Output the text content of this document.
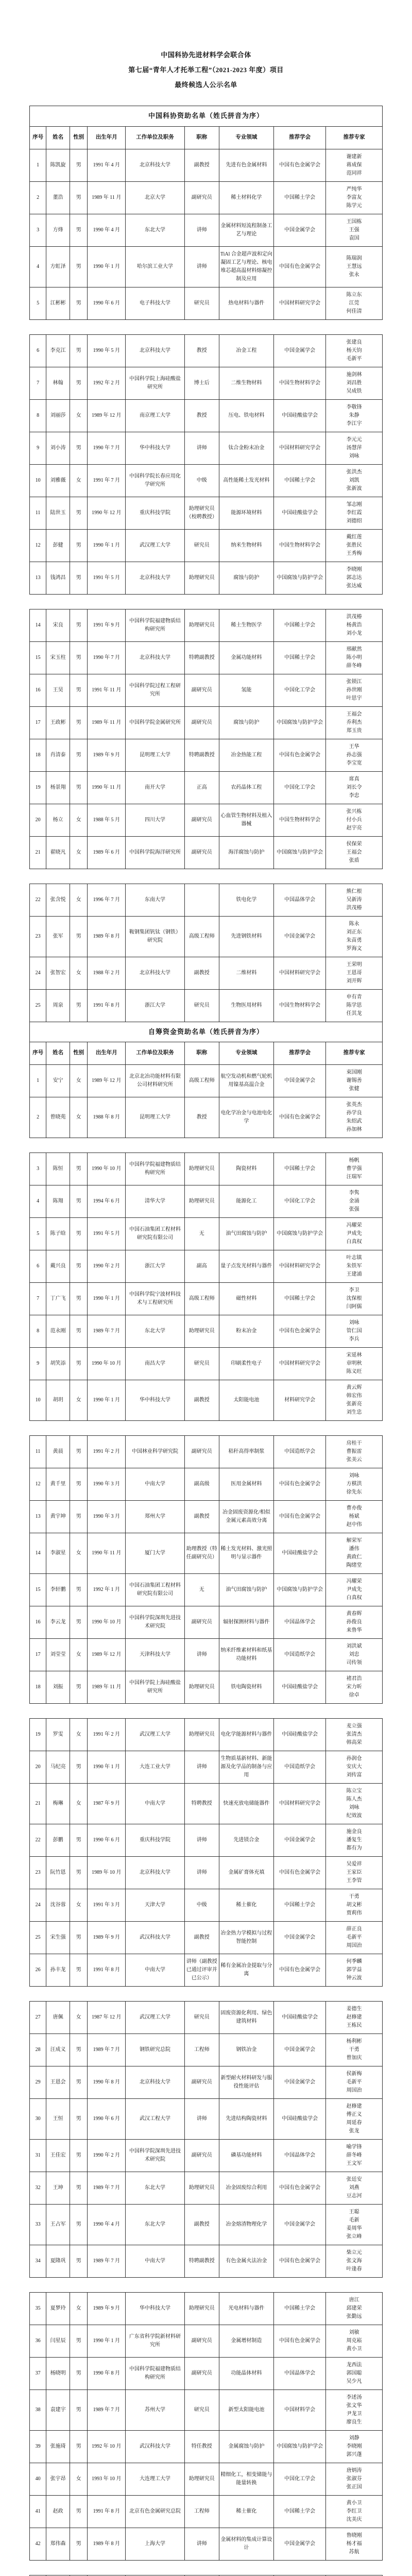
中国科协先进材料学会联合体
第七届“青年人才托举工程”（2021-2023 年度）项目
最终候选人公示名单
中国科协资助名单（姓氏拼音为序）								
序号	姓名	性别	出生年月	工作单位及职务	职称	专业领域	推荐学会	推荐专家
1	陈凯旋	男	1991 年 4 月	北京科技大学	副教授	先进有色金属材料	中国有色金属学会	谢建新
蒋成保
范同祥

2	董浩	男	1989 年 11 月	北京大学	副研究员	稀土材料化学	中国稀土学会	严纯华
李富友
陈学元

3	方烽	男	1990 年 4 月	东北大学	讲师	金属材料短流程制备工艺与理论	中国金属学会	王国栋
王强
袁国

4	方虹泽	男	1990 年 1 月	哈尔滨工业大学	讲师	TiAl 合金超声波和定向凝固工艺与理论、核电堆芯超高温材料熔凝控制及应用	中国有色金属学会	陈瑞润
王慧远
张永

5	江彬彬	男	1990 年 6 月	电子科技大学	研究员	热电材料与器件	中国材料研究学会	陈立东
江莞
何佳清
6	李克江	男	1990 年 5 月	北京科技大学	教授	冶金工程	中国金属学会	张建良
杨天钧
毛新平

7	林翰	男	1992 年 2 月	中国科学院上海硅酸盐研究所	博士后	二维生物材料	中国生物材料学会	施剑林
刘昌胜
吴成铁

8	刘丽莎	女	1989 年 12 月	南京理工大学	教授	压电、铁电材料	中国硅酸盐学会	李敬锋
朱静
李江宇

9	刘小涛	男	1990 年 7 月	华中科技大学	讲师	钛合金粉末冶金	中国材料研究学会	李元元
汤慧萍
刘咏

10	刘雅薇	女	1991 年 7 月	中国科学院长春应用化学研究所	中级	高性能稀土发光材料	中国稀土学会	张洪杰
刘凯
张新波

11	陆世玉	男	1990 年 12 月	重庆科技学院	助理研究员（校聘教授）	能源环境材料	中国硅酸盐学会	邹志刚
李红霞
刘德绍

12	彭健	男	1990 年 1 月	武汉理工大学	研究员	纳米生物材料	中国生物材料学会	戴红莲
张胜民
王秀梅

13	钱鸿昌	男	1991 年 5 月	北京科技大学	助理研究员	腐蚀与防护	中国腐蚀与防护学会	李晓刚
郭志达
张达威
14	宋良	男	1991 年 9 月	中国科学院福建物质结构研究所	助理研究员	稀土生物医学	中国稀土学会	洪茂椿
杨黄浩
刘小龙

15	宋玉柱	男	1990 年 7 月	北京科技大学	特聘副教授	金属功能材料	中国稀土学会	邢献然
陈小明
薛冬峰

16	王昊	男	1991 年 11 月	中国科学院过程工程研究所	副研究员	氢能	中国化工学会	张锁江
孙世刚
叶思宇

17	王政彬	男	1989 年 11 月	中国科学院金属研究所	副研究员	腐蚀与防护	中国腐蚀与防护学会	王福会
乔利杰
郑玉贵

18	肖清泰	男	1989 年 9 月	昆明理工大学	特聘副教授	冶金热能工程	中国有色金属学会	王华
孙志强
李宝宽

19	杨景翔	男	1990 年 11 月	南开大学	正高	农药晶体工程	中国化工学会	席真
刘长令
李忠

20	杨立	女	1988 年 5 月	四川大学	副研究员	心血管生物材料及植入器械	中国生物材料学会	张兴栋
付小兵
赵宇亮

21	翟晓凡	女	1989 年 6 月	中国科学院海洋研究所	副研究员	海洋腐蚀与防护	中国腐蚀与防护学会	侯保荣
王福会
张盾
22	张含悦	女	1996 年 7 月	东南大学		铁电化学	中国晶体学会	熊仁根
吴新涛
洪茂椿

23	张军	男	1989 年 8 月	鞍钢集团钒钛（钢铁）研究院	高级工程师	先进钢铁材料	中国金属学会	陈永
刘正东
朱苗勇
罗海文

24	张智宏	女	1988 年 2 月	北京科技大学	副教授	二维材料	中国材料研究学会	王荣明
王恩哥
刘开辉

25	周泉	男	1991 年 8 月	浙江大学	研究员	生物医用材料	中国生物材料学会	申有青
陈学思
任其龙

自筹资金资助名单（姓氏拼音为序）								
序号	姓名	性别	出生年月	工作单位及职务	职称	专业领域	推荐学会	推荐专家
1	安宁	女	1989 年 12 月	北京北冶功能材料有限公司材料研究所	高级工程师	航空发动机和燃气轮机用镍基高温合金	中国金属学会	束国刚
谢锡善
张健

2	曾晓苑	女	1988 年 8 月	昆明理工大学	教授	电化学冶金与电池电化学	中国有色金属学会	张英杰
孙学良
朱绍武
孙加林
3	陈恒	男	1990 年 10 月	中国科学院福建物质结构研究所	助理研究员	陶瓷材料	中国稀土学会	杨帆
曹学强
汪瑞军

4	陈翔	男	1994 年 6 月	清华大学	助理研究员	能源化工	中国化工学会	李隽
金涌
张强

5	陈子晗	男	1991 年 5 月	中国石油集团工程材料研究院有限公司	无	油气田腐蚀与防护	中国腐蚀与防护学会	冯耀荣
尹成先
白真权

6	戴兴良	男	1990 年 2 月	浙江大学	副高	量子点发光材料与器件	中国材料研究学会	叶志镇
朱铁军
王建浦

7	丁广飞	男	1990 年 1 月	中国科学院宁波材料技术与工程研究所	高级工程师	磁性材料	中国稀土学会	李卫
沈保根
闫阿儒

8	范永刚	男	1989 年 7 月	东北大学	助理研究员	粉末冶金	中国有色金属学会	刘咏
管仁国
李兵

9	胡笑添	男	1990 年 10 月	南昌大学	研究员	印刷柔性电子	中国材料研究学会	宋延林
章明秋
陈义旺

10	胡玥	女	1990 年 1 月	华中科技大学	副教授	太阳能电池	材料研究学会	黄云辉
韩宏伟
张新亮
刘生忠
11	黄晨	男	1991 年 2 月	中国林业科学研究院	副研究员	秸秆高得率制浆	中国造纸学会	房桂干
曹振雷
张美云

12	黄千里	男	1990 年 3 月	中南大学	副高级	医用金属材料	中国有色金属学会	刘咏
方棋洪
徐先东

13	黄宇坤	男	1990 年 3 月	郑州大学	副教授	冶金固废资源化/相似金属元素高效分离	中国有色金属学会	曹亦俊
杨斌
赵中伟

14	李淑星	女	1990 年 11 月	厦门大学	助理教授（特任副研究员）	稀土发光材料、激光照明与显示器件	中国硅酸盐学会	解荣军
潘伟
黄政仁
陶绪堂

15	李轩鹏	男	1992 年 1 月	中国石油集团工程材料研究院有限公司	无	油气田腐蚀与防护	中国腐蚀与防护学会	冯耀荣
尹成先
白真权

16	李云龙	男	1990 年 10 月	中国科学院深圳先进技术研究院	副研究员	辐射探测材料与器件	中国晶体学会	黄春辉
孙俊良
来鲁华

17	刘莹莹	女	1989 年 12 月	天津科技大学	讲师	纳米纤维素材料和纸基功能材料	中国造纸学会	刘洪斌
刘忠
司传领

18	刘振	男	1989 年 11 月	中国科学院上海硅酸盐研究所	助理研究员	铁电陶瓷材料	中国硅酸盐学会	褚君浩
宋力昕
徐卓
19	罗雯	女	1991 年 2 月	武汉理工大学	助理研究员	电化学能源材料与器件	中国硅酸盐学会	麦立强
张清杰
韩高荣

20	马纪亮	男	1990 年 1 月	大连工业大学	讲师	生物质基新材料、新能源及化学品的制备与应用	中国造纸学会	孙润仓
安庆大
刘传富

21	梅琳	女	1987 年 9 月	中南大学	特聘教授	快速充放电储能器件	中国材料研究学会	陈立宝
陈人杰
刘咏
纪效波

22	彭鹏	男	1990 年 6 月	重庆科技学院	讲师	先进镁合金	中国金属学会	施金良
潘复生
都有为

23	阮竹恩	男	1989 年 10 月	北京科技大学	讲师	金属矿膏体充填	中国有色金属学会	吴爱祥
王家臣
王李管

24	沈谷蓉	女	1991 年 3 月	天津大学	中级	稀土催化	中国稀土学会	干勇
胡文彬
贾莉伟

25	宋生强	男	1989 年 9 月	武汉科技大学	副教授	冶金热力学模拟与过程智能控制	中国金属学会	薛正良
毛新平
周国治

26	孙丰龙	男	1991 年 8 月	中南大学	讲师（副教授已通过评审并已公示）	稀有金属冶金提取与分离	中国有色金属学会	何季麟
郭学益
钟云波
27	唐佩	女	1987 年 12 月	武汉理工大学	研究员	固废资源化利用、绿色建筑材料	中国硅酸盐学会	姜德生
赵修建
王栋民

28	汪成义	男	1989 年 7 月	钢铁研究总院	工程师	钢铁冶金	中国金属学会	杨利彬
干勇
曾加庆

29	王恩会	男	1990 年 8 月	北京科技大学	副研究员	新型耐火材料研发与服役性能评估	中国金属学会	侯新梅
毛新平
周国治

30	王恒	男	1990 年 6 月	武汉工程大学	讲师	先进结构陶瓷材料	中国硅酸盐学会	赵修建
傅正义
周延春
张龙

31	王佳宏	男	1990 年 2 月	中国科学院深圳先进技术研究院	副研究员	磷基功能材料	中国晶体学会	喻学锋
薛冬峰
王文军

32	王坤	男	1989 年 7 月	东北大学	助理研究员	冶金固废综合利用	中国有色金属学会	张廷安
刘燕
豆志河

33	王占军	男	1990 年 4 月	东北大学	副教授	冶金熔渣物理化学	中国金属学会	王聪
毛新
姜周华
张立峰

34	夏隆巩	男	1989 年 7 月	中南大学	特聘副教授	有色金属火法冶金	中国有色金属学会	柴立元
张文海
叶逢春
35	夏梦玲	女	1989 年 9 月	华中科技大学	助理研究员	光电材料与器件	中国稀土学会	唐江
邱建荣
张勤远

36	闫星辰	男	1990 年 1 月	广东省科学院新材料研究所	副研究员	金属增材制造	中国有色金属学会	刘敏
周克崧
黄小卫

37	杨晓明	男	1990 年 8 月	中国科学院福建物质结构研究所	副研究员	功能晶体材料	中国晶体学会	龙西法
郭国聪
吴少凡

38	袁建宇	男	1989 年 7 月	苏州大学	研究员	新型太阳能电池	中国材料学会	李述汤
张文华
尹龙卫
廖良生

39	张施琦	男	1992 年 10 月	武汉科技大学	特任教授	金属腐蚀与防护	中国腐蚀与防护学会	刘静
李晓刚
郭兴蓬

40	张宇昂	女	1993 年 10 月	大连理工大学	助理研究员	精细化工，相变储能与能量转换	中国化工学会	唐炳涛
张淑芬
张正国

41	赵政	男	1991 年 8 月	北京有色金属研究总院	工程师	稀土催化	中国稀土学会	黄小卫
李红卫
沈美庆

42	郑伟森	男	1989 年 8 月	上海大学	讲师	金属材料的集成计算设计	中国金属学会	鲁晓刚
杨才福
苏航
